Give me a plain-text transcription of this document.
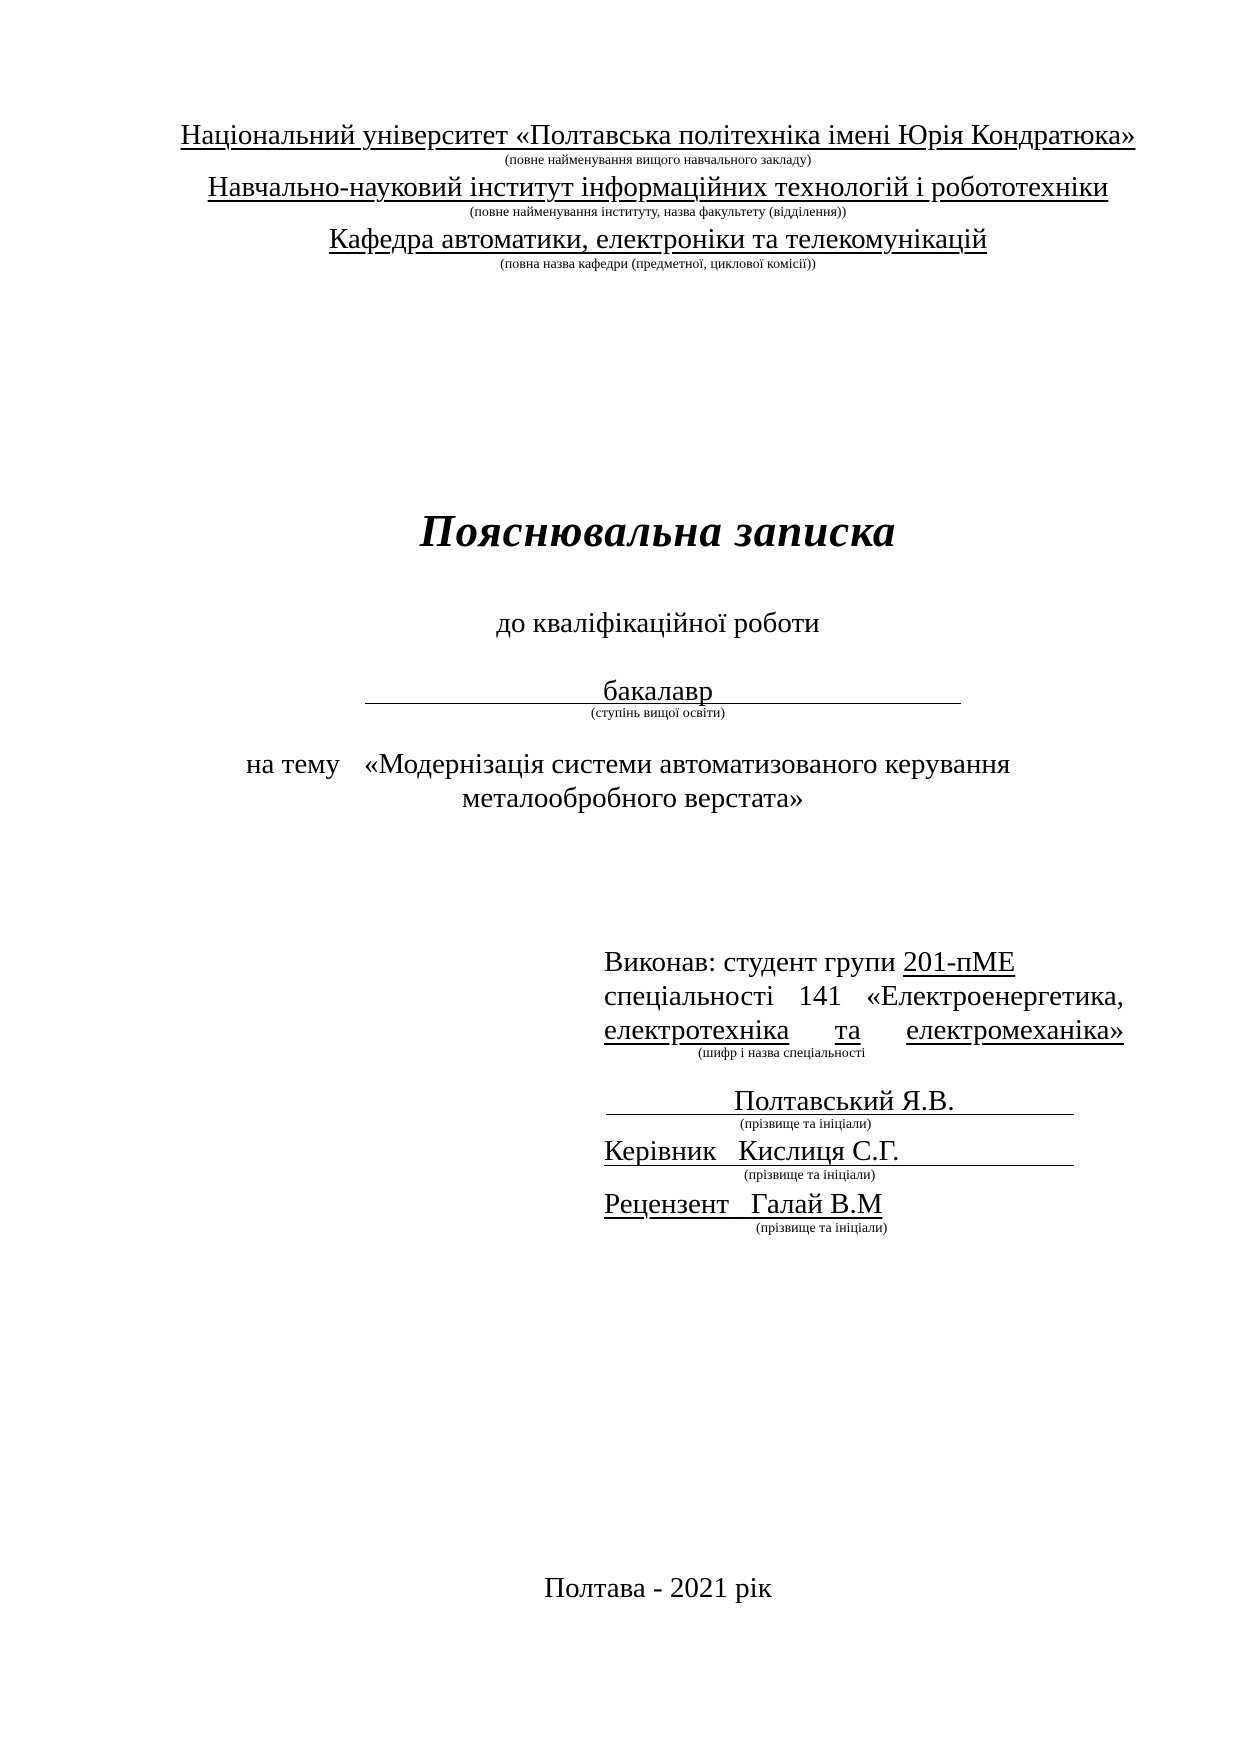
Національний університет «Полтавська політехніка імені Юрія Кондратюка»
(повне найменування вищого навчального закладу)
Навчально-науковий інститут інформаційних технологій і робототехніки
(повне найменування інституту, назва факультету (відділення))
Кафедра автоматики, електроніки та телекомунікацій
(повна назва кафедри (предметної, циклової комісії))
Пояснювальна записка
до кваліфікаційної роботи
бакалавр
(ступінь вищої освіти)
на тему «Модернізація системи автоматизованого керування
металообробного верстата»
Виконав: студент групи 201-пМЕ
спеціальності 141 «Електроенергетика,
електротехніка та електромеханіка»
(шифр і назва спеціальності
Полтавський Я.В.
(прізвище та ініціали)
Керівник Кислиця С.Г.
(прізвище та ініціали)
Рецензент Галай В.М
(прізвище та ініціали)
Полтава - 2021 рік
